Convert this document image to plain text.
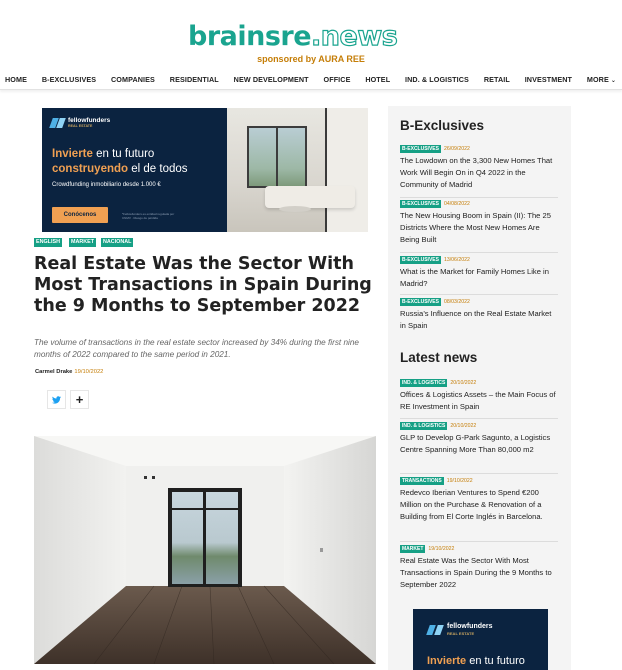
brainsre.news
sponsored by AURA REE
HOME B-EXCLUSIVES COMPANIES RESIDENTIAL NEW DEVELOPMENT OFFICE HOTEL IND. & LOGISTICS RETAIL INVESTMENT MORE ⌄
fellowfunders
REAL ESTATE
Invierte en tu futuro
construyendo el de todos
Crowdfunding inmobiliario desde 1.000 €
Conócenos	*Fellowfunders es entidad regulada por CNMV · Riesgo de pérdida
ENGLISH	MARKET	NACIONAL
Real Estate Was the Sector With Most Transactions in Spain During the 9 Months to September 2022

The volume of transactions in the real estate sector increased by 34% during the first nine months of 2022 compared to the same period in 2021.

Carmel Drake 19/10/2022
+
B-Exclusives
B-EXCLUSIVES 26/09/2022
The Lowdown on the 3,300 New Homes That Work Will Begin On in Q4 2022 in the Community of Madrid
B-EXCLUSIVES 04/08/2022
The New Housing Boom in Spain (II): The 25 Districts Where the Most New Homes Are Being Built
B-EXCLUSIVES 13/06/2022
What is the Market for Family Homes Like in Madrid?
B-EXCLUSIVES 08/03/2022
Russia’s Influence on the Real Estate Market in Spain
Latest news
IND. & LOGISTICS 20/10/2022
Offices & Logistics Assets – the Main Focus of RE Investment in Spain
IND. & LOGISTICS 20/10/2022
GLP to Develop G-Park Sagunto, a Logistics Centre Spanning More Than 80,000 m2
TRANSACTIONS 19/10/2022
Redevco Iberian Ventures to Spend €200 Million on the Purchase & Renovation of a Building from El Corte Inglés in Barcelona.
MARKET 19/10/2022
Real Estate Was the Sector With Most Transactions in Spain During the 9 Months to September 2022
fellowfunders
REAL ESTATE
Invierte en tu futuro
